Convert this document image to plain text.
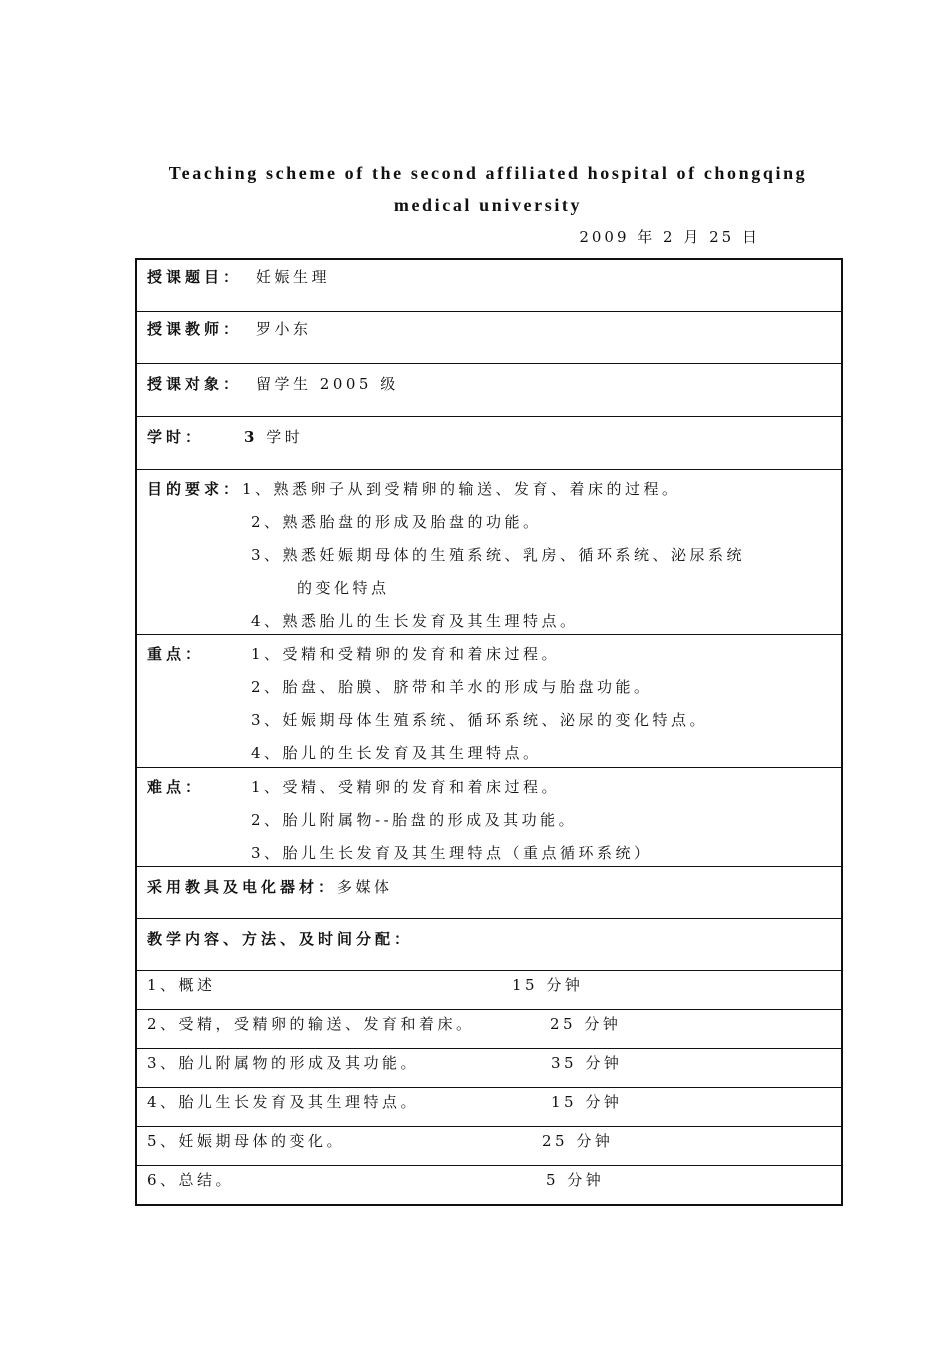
Teaching scheme of the second affiliated hospital of chongqing
medical university
2009 年 2 月 25 日
授课题目： 妊娠生理
授课教师： 罗小东
授课对象： 留学生 2005 级
学时：	3 学时
目的要求：1、熟悉卵子从到受精卵的输送、发育、着床的过程。
2、熟悉胎盘的形成及胎盘的功能。

3、熟悉妊娠期母体的生殖系统、乳房、循环系统、泌尿系统

的变化特点
4、熟悉胎儿的生长发育及其生理特点。

重点：	1、受精和受精卵的发育和着床过程。
2、胎盘、胎膜、脐带和羊水的形成与胎盘功能。

3、妊娠期母体生殖系统、循环系统、泌尿的变化特点。

4、胎儿的生长发育及其生理特点。

难点：	1、受精、受精卵的发育和着床过程。
2、胎儿附属物--胎盘的形成及其功能。

3、胎儿生长发育及其生理特点（重点循环系统）

采用教具及电化器材：多媒体
教学内容、方法、及时间分配：
1、概述	15 分钟
2、受精，受精卵的输送、发育和着床。	25 分钟
3、胎儿附属物的形成及其功能。	35 分钟
4、胎儿生长发育及其生理特点。	15 分钟
5、妊娠期母体的变化。	25 分钟
6、总结。	5 分钟
